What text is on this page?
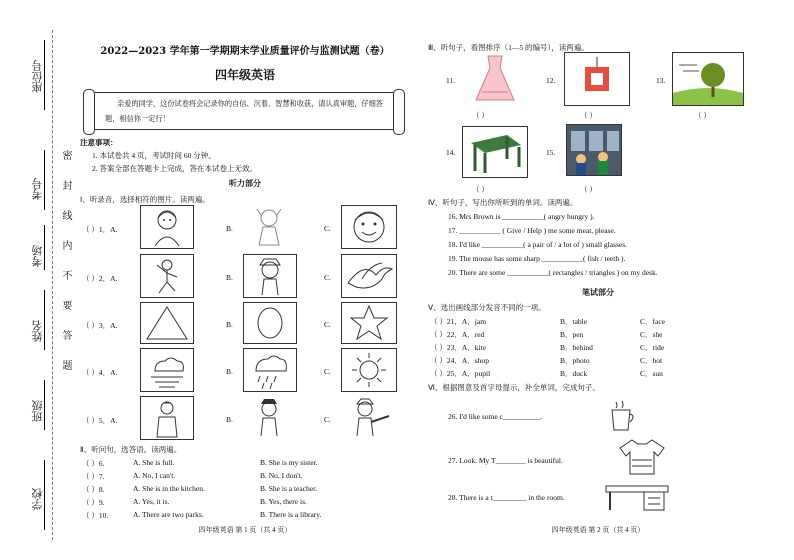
座位号
考号
考场
姓名
班级
学校
密
封
线
内
不
要
答
题
2022—2023 学年第一学期期末学业质量评价与监测试题（卷）
四年级英语
亲爱的同学，这份试卷将会记录你的自信、沉着、智慧和收获，请认真审题，仔细答题，相信你一定行！
注意事项：
1. 本试卷共 4 页，考试时间 60 分钟。
2. 答案全部在答题卡上完成，答在本试卷上无效。
听力部分
Ⅰ、听录音，选择相符的图片。读两遍。
（ ）1．A.	B.	C.
（ ）2．A.	B.	C.
（ ）3．A.	B.	C.
（ ）4．A.	B.	C.
（ ）5．A.	B.	C.
Ⅱ、听问句，选答语。读两遍。
（ ）6.	A. She is full.	B. She is my sister.
（ ）7.	A. No, I can't.	B. No, I don't.
（ ）8.	A. She is in the kitchen.	B. She is a teacher.
（ ）9.	A. Yes, it is.	B. Yes, there is.
（ ）10.	A. There are two parks.	B. There is a library.
四年级英语 第 1 页（共 4 页）
Ⅲ、听句子，看图排序（1—5 的编号），读两遍。
11.
（ ）
12.
（ ）
13.
（ ）
14.
（ ）
15.
（ ）
Ⅳ、听句子，写出你所听到的单词。读两遍。
16. Mrs Brown is ___________( angry hungry ).
17. ___________ ( Give / Help ) me some meat, please.
18. I'd like ___________( a pair of / a lot of ) small glasses.
19. The mouse has some sharp ___________( fish / teeth ).
20. There are some ___________( rectangles / triangles ) on my desk.
笔试部分
Ⅴ、选出画线部分发音不同的一项。
（ ）21．A．jam	B．table	C．face
（ ）22．A．red	B．pen	C．she
（ ）23．A．kite	B．behind	C．ride
（ ）24．A．shop	B．photo	C．hot
（ ）25．A．pupil	B．duck	C．sun
Ⅵ、根据图意及首字母提示，补全单词，完成句子。
26. I'd like some c__________.
27. Look. My T________ is beautiful.
28. There is a t_________ in the room.
四年级英语 第 2 页（共 4 页）
